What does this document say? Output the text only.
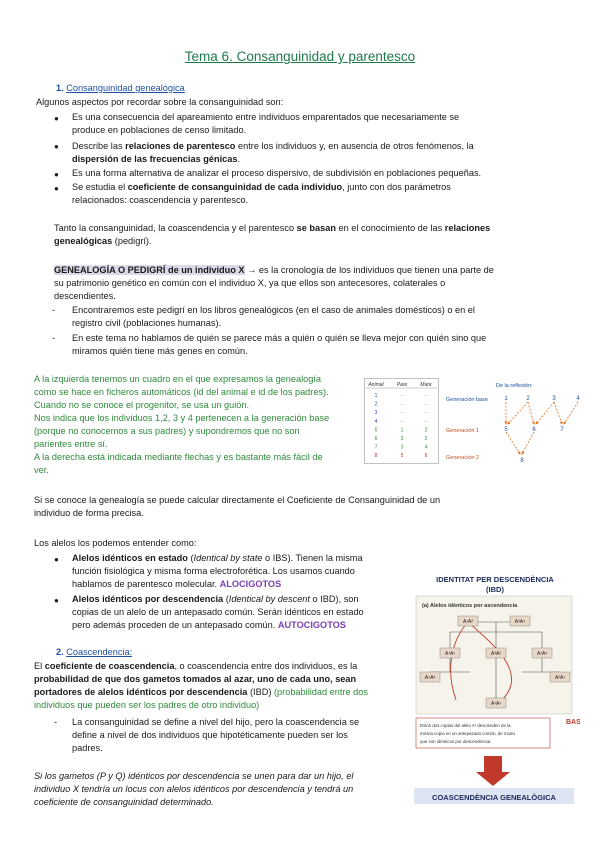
Tema 6. Consanguinidad y parentesco
1. Consanguinidad genealógica
Algunos aspectos por recordar sobre la consanguinidad son:
● Es una consecuencia del apareamiento entre individuos emparentados que necesariamente se
produce en poblaciones de censo limitado.
● Describe las relaciones de parentesco entre los individuos y, en ausencia de otros fenómenos, la
dispersión de las frecuencias génicas.
● Es una forma alternativa de analizar el proceso dispersivo, de subdivisión en poblaciones pequeñas.
● Se estudia el coeficiente de consanguinidad de cada individuo, junto con dos parámetros
relacionados: coascendencia y parentesco.
Tanto la consanguinidad, la coascendencia y el parentesco se basan en el conocimiento de las relaciones
genealógicas (pedigrí).
GENEALOGÍA O PEDIGRÍ de un individuo X → es la cronología de los individuos que tienen una parte de
su patrimonio genético en común con el individuo X, ya que ellos son antecesores, colaterales o
descendientes.
- Encontraremos este pedigrí en los libros genealógicos (en el caso de animales domésticos) o en el
registro civil (poblaciones humanas).
- En este tema no hablamos de quién se parece más a quién o quién se lleva mejor con quién sino que
miramos quién tiene más genes en común.
A la izquierda tenemos un cuadro en el que expresamos la genealogía
como se hace en ficheros automáticos (id del animal e id de los padres).
Cuando no se conoce el progenitor, se usa un guión.
Nos indica que los individuos 1,2, 3 y 4 pertenecen a la generación base
(porque no conocemos a sus padres) y supondremos que no son
parientes entre sí.
A la derecha está indicada mediante flechas y es bastante más fácil de
ver.
Animal	Pare	Mare
1	-	-
2	-	-
3	-	-
4	-	-
5	1	2
6	3	2
7	3	4
8	5	6
Generación base
Generación 1
Generación 2
De la reflexión:
1	2	3	4
5	6	7
8
Si se conoce la genealogía se puede calcular directamente el Coeficiente de Consanguinidad de un
individuo de forma precisa.
Los alelos los podemos entender como:
● Alelos idénticos en estado (Identical by state o IBS). Tienen la misma
función fisiológica y misma forma electroforética. Los usamos cuando
hablamos de parentesco molecular. ALOCIGOTOS
● Alelos idénticos por descendencia (Identical by descent o IBD), son
copias de un alelo de un antepasado común. Serán idénticos en estado
pero además proceden de un antepasado común. AUTOCIGOTOS
2. Coascendencia:
El coeficiente de coascendencia, o coascendencia entre dos individuos, es la
probabilidad de que dos gametos tomados al azar, uno de cada uno, sean
portadores de alelos idénticos por descendencia (IBD) (probabilidad entre dos
individuos que pueden ser los padres de otro individuo)
- La consanguinidad se define a nivel del hijo, pero la coascendencia se
define a nivel de dos individuos que hipotéticamente pueden ser los
padres.
Si los gametos (P y Q) idénticos por descendencia se unen para dar un hijo, el
individuo X tendría un locus con alelos idénticos por descendencia y tendrá un
coeficiente de consanguinidad determinado.
IDENTITAT PER DESCENDÈNCIA
(IBD)
(a) Alelos idénticos por ascendencia
A¹A²	A³A⁴
A¹A¹	A³A²	A¹A³
A⁴A²	A²A¹
A¹A¹
Estos dos copias del alelo A¹ descienden de la
misma copia en un antepasado común, de modo
que son idénticos por descendencia.
BAS
COASCENDÈNCIA GENEALÒGICA
